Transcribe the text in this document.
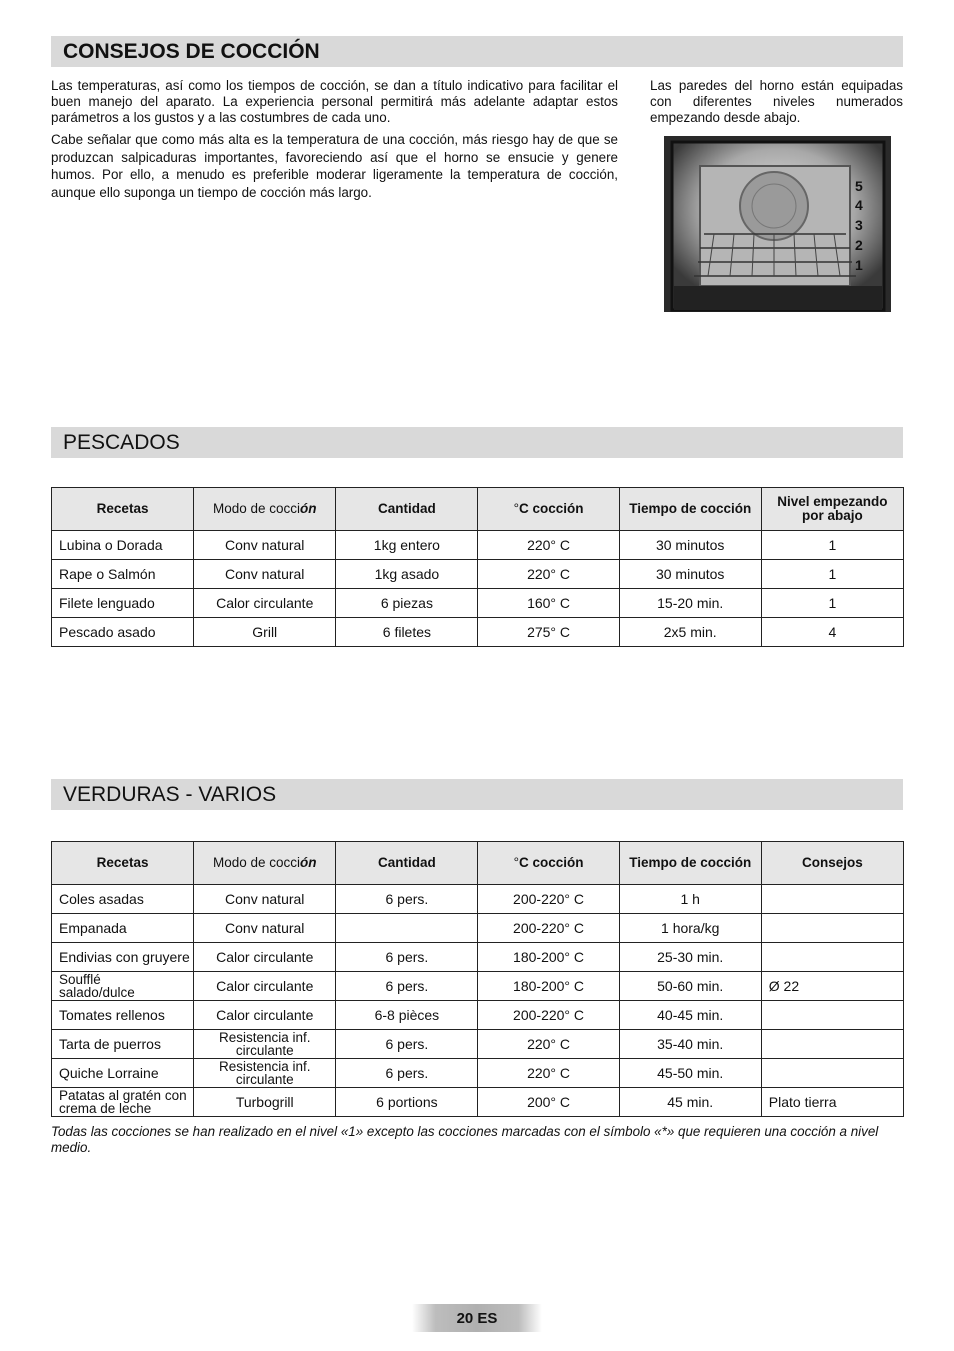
CONSEJOS DE COCCIÓN

Las temperaturas, así como los tiempos de cocción, se dan a título indicativo para facilitar el buen manejo del aparato. La experiencia personal permitirá más adelante adaptar estos parámetros a los gustos y a las costumbres de cada uno.

Cabe señalar que como más alta es la temperatura de una cocción, más riesgo hay de que se produzcan salpicaduras importantes, favoreciendo así que el horno se ensucie y genere humos. Por ello, a menudo es preferible moderar ligeramente la temperatura de cocción, aunque ello suponga un tiempo de cocción más largo.

Las paredes del horno están equipadas con diferentes niveles numerados empezando desde abajo.

5
4
3
2
1
PESCADOS
Recetas	Modo de cocción	Cantidad	°C cocción	Tiempo de cocción	Nivel empezando por abajo
Lubina o Dorada	Conv natural	1kg entero	220° C	30 minutos	1
Rape o Salmón	Conv natural	1kg asado	220° C	30 minutos	1
Filete lenguado	Calor circulante	6 piezas	160° C	15-20 min.	1
Pescado asado	Grill	6 filetes	275° C	2x5 min.	4
VERDURAS - VARIOS
Recetas	Modo de cocción	Cantidad	°C cocción	Tiempo de cocción	Consejos
Coles asadas	Conv natural	6 pers.	200-220° C	1 h	
Empanada	Conv natural		200-220° C	1 hora/kg	
Endivias con gruyere	Calor circulante	6 pers.	180-200° C	25-30 min.	

Soufflé salado/dulce	Calor circulante	6 pers.	180-200° C	50-60 min.	Ø 22
Tomates rellenos	Calor circulante	6-8 pièces	200-220° C	40-45 min.	
Tarta de puerros	Resistencia inf. circulante	6 pers.	220° C	35-40 min.	
Quiche Lorraine	Resistencia inf. circulante	6 pers.	220° C	45-50 min.	

Patatas al gratén con crema de leche	Turbogrill	6 portions	200° C	45 min.	Plato tierra

Todas las cocciones se han realizado en el nivel «1» excepto las cocciones marcadas con el símbolo «*» que requieren una cocción a nivel medio.

20 ES
